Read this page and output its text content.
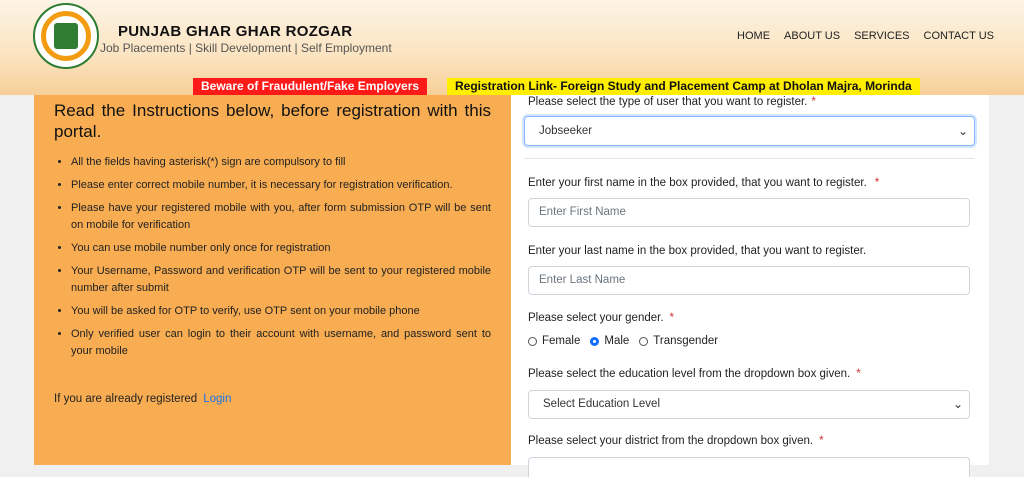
PUNJAB GHAR GHAR ROZGAR
Job Placements | Skill Development | Self Employment
HOME ABOUT US SERVICES CONTACT US
Beware of Fraudulent/Fake Employers	Registration Link- Foreign Study and Placement Camp at Dholan Majra, Morinda
Read the Instructions below, before registration with this portal.
• All the fields having asterisk(*) sign are compulsory to fill
• Please enter correct mobile number, it is necessary for registration verification.
• Please have your registered mobile with you, after form submission OTP will be sent on mobile for verification
• You can use mobile number only once for registration
• Your Username, Password and verification OTP will be sent to your registered mobile number after submit
• You will be asked for OTP to verify, use OTP sent on your mobile phone
• Only verified user can login to their account with username, and password sent to your mobile
If you are already registered Login
Please select the type of user that you want to register. *
Jobseeker	⌄
Enter your first name in the box provided, that you want to register. *
Enter First Name
Enter your last name in the box provided, that you want to register.
Enter Last Name
Please select your gender. *
Female Male Transgender
Please select the education level from the dropdown box given. *
Select Education Level	⌄
Please select your district from the dropdown box given. *
